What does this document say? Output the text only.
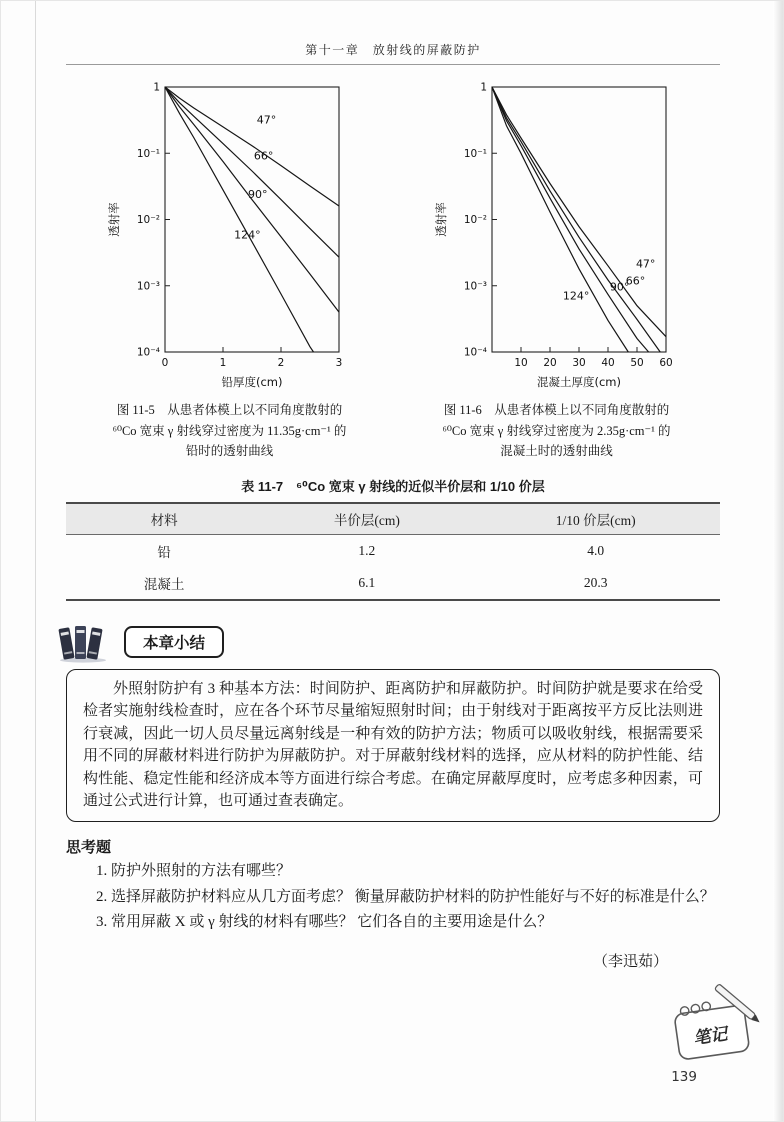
第十一章　放射线的屏蔽防护
1
10⁻¹
10⁻²
10⁻³
10⁻⁴
0	1	2	3
47°
66°
90°
124°
铅厚度(cm)
透射率
图 11-5　从患者体模上以不同角度散射的
⁶⁰Co 宽束 γ 射线穿过密度为 11.35g·cm⁻¹ 的
铅时的透射曲线
1
10⁻¹
10⁻²
10⁻³
10⁻⁴
10 20 30 40 50 60
47°
66°
90°
124°
混凝土厚度(cm)
透射率
图 11-6　从患者体模上以不同角度散射的
⁶⁰Co 宽束 γ 射线穿过密度为 2.35g·cm⁻¹ 的
混凝土时的透射曲线
表 11-7　⁶⁰Co 宽束 γ 射线的近似半价层和 1/10 价层
材料	半价层(cm)	1/10 价层(cm)
铅	1.2	4.0
混凝土	6.1	20.3
本章小结

外照射防护有 3 种基本方法：时间防护、距离防护和屏蔽防护。时间防护就是要求在给受检者实施射线检查时，应在各个环节尽量缩短照射时间；由于射线对于距离按平方反比法则进行衰减，因此一切人员尽量远离射线是一种有效的防护方法；物质可以吸收射线，根据需要采用不同的屏蔽材料进行防护为屏蔽防护。对于屏蔽射线材料的选择，应从材料的防护性能、结构性能、稳定性能和经济成本等方面进行综合考虑。在确定屏蔽厚度时，应考虑多种因素，可通过公式进行计算，也可通过查表确定。

思考题

1. 防护外照射的方法有哪些？

2. 选择屏蔽防护材料应从几方面考虑？ 衡量屏蔽防护材料的防护性能好与不好的标准是什么？

3. 常用屏蔽 X 或 γ 射线的材料有哪些？ 它们各自的主要用途是什么？

（李迅茹）
笔记
139
